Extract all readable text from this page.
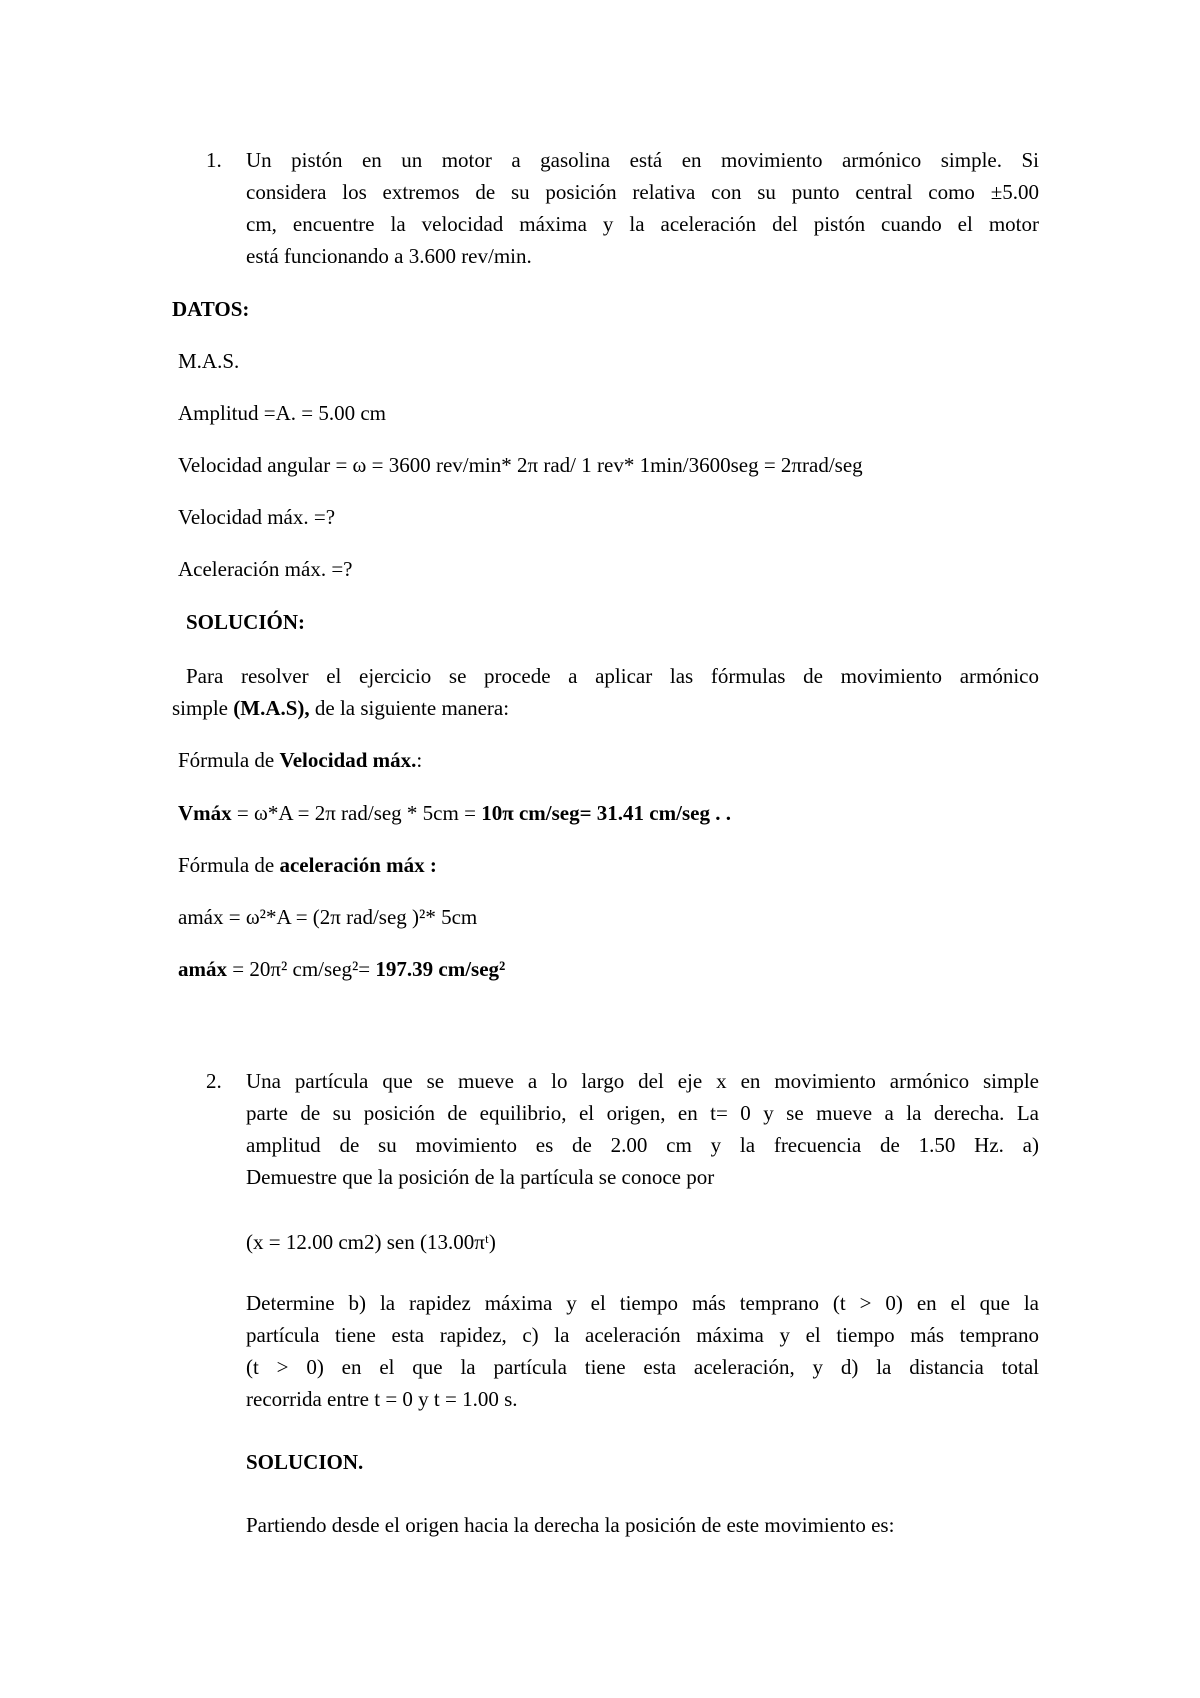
1. Un pistón en un motor a gasolina está en movimiento armónico simple. Si
considera los extremos de su posición relativa con su punto central como ±5.00
cm, encuentre la velocidad máxima y la aceleración del pistón cuando el motor
está funcionando a 3.600 rev/min.
DATOS:
M.A.S.
Amplitud =A. = 5.00 cm
Velocidad angular = ω = 3600 rev/min* 2π rad/ 1 rev* 1min/3600seg = 2πrad/seg
Velocidad máx. =?
Aceleración máx. =?
SOLUCIÓN:
Para resolver el ejercicio se procede a aplicar las fórmulas de movimiento armónico
simple (M.A.S), de la siguiente manera:
Fórmula de Velocidad máx.:
Vmáx = ω*A = 2π rad/seg * 5cm = 10π cm/seg= 31.41 cm/seg . .
Fórmula de aceleración máx :
amáx = ω²*A = (2π rad/seg )²* 5cm
amáx = 20π² cm/seg²= 197.39 cm/seg²
2. Una partícula que se mueve a lo largo del eje x en movimiento armónico simple
parte de su posición de equilibrio, el origen, en t= 0 y se mueve a la derecha. La
amplitud de su movimiento es de 2.00 cm y la frecuencia de 1.50 Hz. a)
Demuestre que la posición de la partícula se conoce por
(x = 12.00 cm2) sen (13.00πᵗ)
Determine b) la rapidez máxima y el tiempo más temprano (t > 0) en el que la
partícula tiene esta rapidez, c) la aceleración máxima y el tiempo más temprano
(t > 0) en el que la partícula tiene esta aceleración, y d) la distancia total
recorrida entre t = 0 y t = 1.00 s.
SOLUCION.
Partiendo desde el origen hacia la derecha la posición de este movimiento es:
